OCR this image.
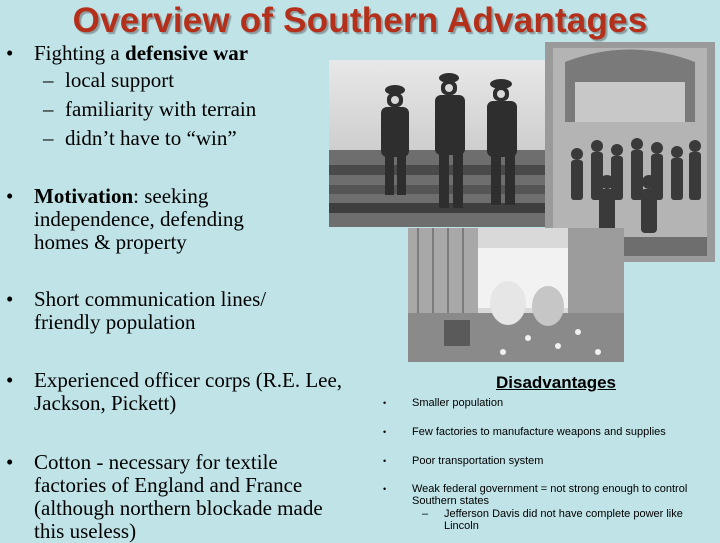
Overview of Southern Advantages
• Fighting a defensive war
– local support
– familiarity with terrain
– didn’t have to “win”
• Motivation: seeking independence, defending homes & property
• Short communication lines/ friendly population
• Experienced officer corps (R.E. Lee, Jackson, Pickett)
• Cotton - necessary for textile factories of England and France (although northern blockade made this useless)
Disadvantages
• Smaller population
• Few factories to manufacture weapons and supplies
• Poor transportation system
• Weak federal government = not strong enough to control Southern states
– Jefferson Davis did not have complete power like Lincoln
